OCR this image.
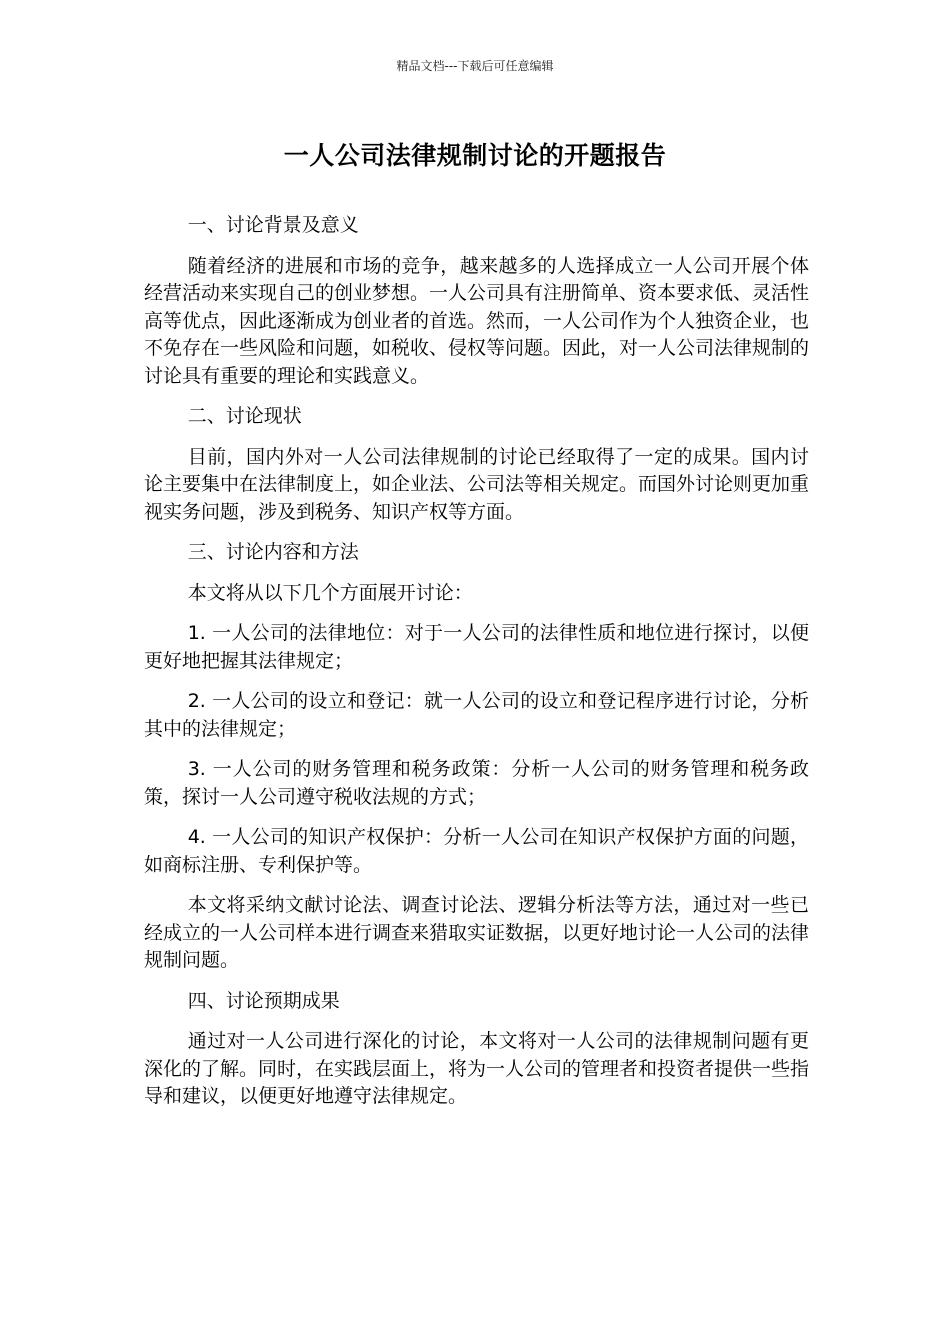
精品文档---下载后可任意编辑
一人公司法律规制讨论的开题报告

一、讨论背景及意义

随着经济的进展和市场的竞争，越来越多的人选择成立一人公司开展个体经营活动来实现自己的创业梦想。一人公司具有注册简单、资本要求低、灵活性高等优点，因此逐渐成为创业者的首选。然而，一人公司作为个人独资企业，也不免存在一些风险和问题，如税收、侵权等问题。因此，对一人公司法律规制的讨论具有重要的理论和实践意义。

二、讨论现状

目前，国内外对一人公司法律规制的讨论已经取得了一定的成果。国内讨论主要集中在法律制度上，如企业法、公司法等相关规定。而国外讨论则更加重视实务问题，涉及到税务、知识产权等方面。

三、讨论内容和方法

本文将从以下几个方面展开讨论：

1. 一人公司的法律地位：对于一人公司的法律性质和地位进行探讨，以便更好地把握其法律规定；

2. 一人公司的设立和登记：就一人公司的设立和登记程序进行讨论，分析其中的法律规定；

3. 一人公司的财务管理和税务政策：分析一人公司的财务管理和税务政策，探讨一人公司遵守税收法规的方式；

4. 一人公司的知识产权保护：分析一人公司在知识产权保护方面的问题，如商标注册、专利保护等。

本文将采纳文献讨论法、调查讨论法、逻辑分析法等方法，通过对一些已经成立的一人公司样本进行调查来猎取实证数据，以更好地讨论一人公司的法律规制问题。

四、讨论预期成果

通过对一人公司进行深化的讨论，本文将对一人公司的法律规制问题有更深化的了解。同时，在实践层面上，将为一人公司的管理者和投资者提供一些指导和建议，以便更好地遵守法律规定。
